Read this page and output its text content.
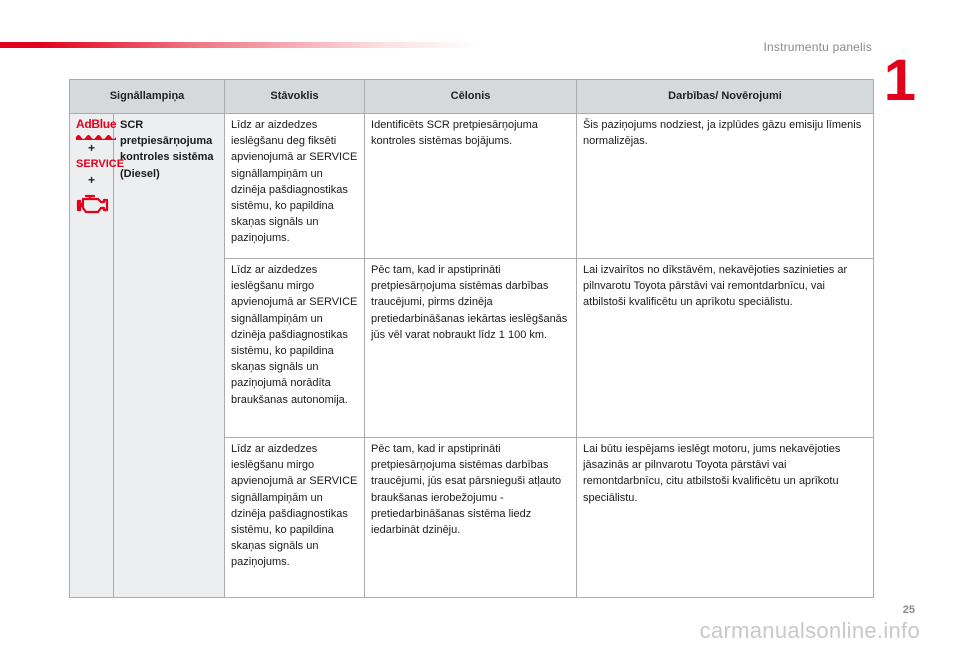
Instrumentu panelis
1
Signāllampiņa		Stāvoklis	Cēlonis	Darbības/ Novērojumi
AdBlue
+
SERVICE
+	SCR pretpiesārņojuma kontroles sistēma (Diesel)	Līdz ar aizdedzes ieslēgšanu deg fiksēti apvienojumā ar SERVICE signāllampiņām un dzinēja pašdiagnostikas sistēmu, ko papildina skaņas signāls un paziņojums.	Identificēts SCR pretpiesārņojuma kontroles sistēmas bojājums.	Šis paziņojums nodziest, ja izplūdes gāzu emisiju līmenis normalizējas.
		Līdz ar aizdedzes ieslēgšanu mirgo apvienojumā ar SERVICE signāllampiņām un dzinēja pašdiagnostikas sistēmu, ko papildina skaņas signāls un paziņojumā norādīta braukšanas autonomija.	Pēc tam, kad ir apstiprināti pretpiesārņojuma sistēmas darbības traucējumi, pirms dzinēja pretiedarbināšanas iekārtas ieslēgšanās jūs vēl varat nobraukt līdz 1 100 km.	Lai izvairītos no dīkstāvēm, nekavējoties sazinieties ar pilnvarotu Toyota pārstāvi vai remontdarbnīcu, vai atbilstoši kvalificētu un aprīkotu speciālistu.
		Līdz ar aizdedzes ieslēgšanu mirgo apvienojumā ar SERVICE signāllampiņām un dzinēja pašdiagnostikas sistēmu, ko papildina skaņas signāls un paziņojums.	Pēc tam, kad ir apstiprināti pretpiesārņojuma sistēmas darbības traucējumi, jūs esat pārsnieguši atļauto braukšanas ierobežojumu - pretiedarbināšanas sistēma liedz iedarbināt dzinēju.	Lai būtu iespējams ieslēgt motoru, jums nekavējoties jāsazinās ar pilnvarotu Toyota pārstāvi vai remontdarbnīcu, citu atbilstoši kvalificētu un aprīkotu speciālistu.
25
carmanualsonline.info
